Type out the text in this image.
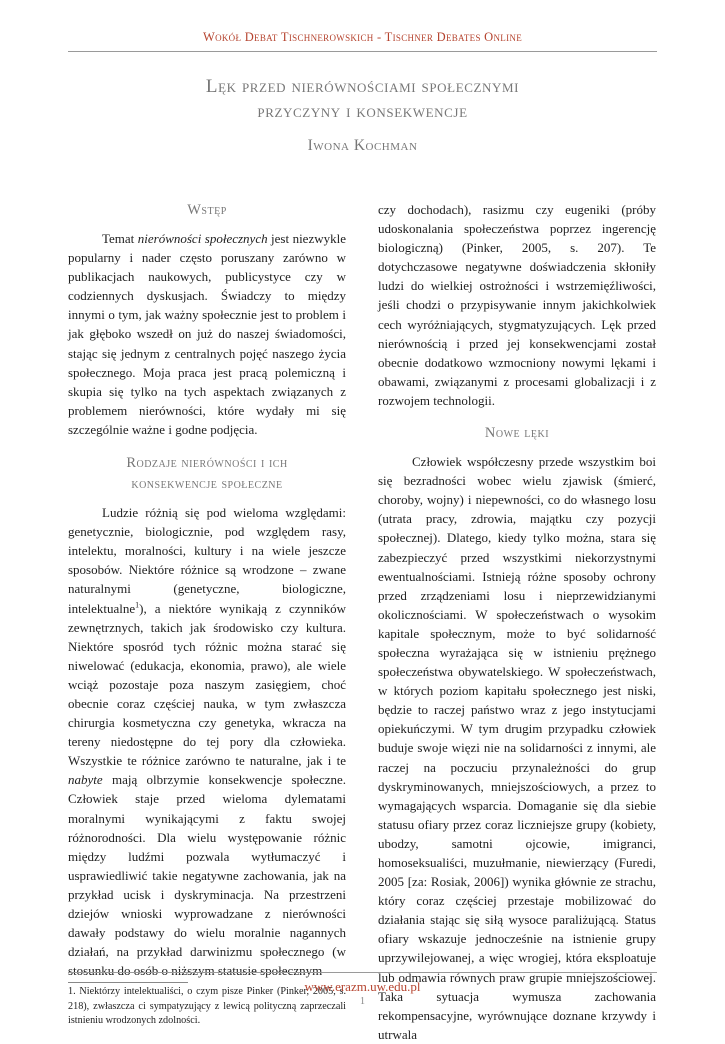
Wokół Debat Tischnerowskich - Tischner Debates Online
Lęk przed nierównościami społecznymi
przyczyny i konsekwencje
Iwona Kochman
Wstęp

Temat nierówności społecznych jest niezwykle popularny i nader często poruszany zarówno w publikacjach naukowych, publicystyce czy w codziennych dyskusjach. Świadczy to między innymi o tym, jak ważny społecznie jest to problem i jak głęboko wszedł on już do naszej świadomości, stając się jednym z centralnych pojęć naszego życia społecznego. Moja praca jest pracą polemiczną i skupia się tylko na tych aspektach związanych z problemem nierówności, które wydały mi się szczególnie ważne i godne podjęcia.

Rodzaje nierówności i ich
konsekwencje społeczne

Ludzie różnią się pod wieloma względami: genetycznie, biologicznie, pod względem rasy, intelektu, moralności, kultury i na wiele jeszcze sposobów. Niektóre różnice są wrodzone – zwane naturalnymi (genetyczne, biologiczne, intelektualne$^1$), a niektóre wynikają z czynników zewnętrznych, takich jak środowisko czy kultura. Niektóre sposród tych różnic można starać się niwelować (edukacja, ekonomia, prawo), ale wiele wciąż pozostaje poza naszym zasięgiem, choć obecnie coraz częściej nauka, w tym zwłaszcza chirurgia kosmetyczna czy genetyka, wkracza na tereny niedostępne do tej pory dla człowieka. Wszystkie te różnice zarówno te naturalne, jak i te nabyte mają olbrzymie konsekwencje społeczne. Człowiek staje przed wieloma dylematami moralnymi wynikającymi z faktu swojej różnorodności. Dla wielu występowanie różnic między ludźmi pozwala wytłumaczyć i usprawiedliwić takie negatywne zachowania, jak na przykład ucisk i dyskryminacja. Na przestrzeni dziejów wnioski wyprowadzane z nierówności dawały podstawy do wielu moralnie nagannych działań, na przykład darwinizmu społecznego (w stosunku do osób o niższym statusie społecznym

1. Niektórzy intelektualiści, o czym pisze Pinker (Pinker, 2005, s. 218), zwłaszcza ci sympatyzujący z lewicą polityczną zaprzeczali istnieniu wrodzonych zdolności.

czy dochodach), rasizmu czy eugeniki (próby udoskonalania społeczeństwa poprzez ingerencję biologiczną) (Pinker, 2005, s. 207). Te dotychczasowe negatywne doświadczenia skłoniły ludzi do wielkiej ostrożności i wstrzemięźliwości, jeśli chodzi o przypisywanie innym jakichkolwiek cech wyróżniających, stygmatyzujących. Lęk przed nierównością i przed jej konsekwencjami został obecnie dodatkowo wzmocniony nowymi lękami i obawami, związanymi z procesami globalizacji i z rozwojem technologii.

Nowe lęki

Człowiek współczesny przede wszystkim boi się bezradności wobec wielu zjawisk (śmierć, choroby, wojny) i niepewności, co do własnego losu (utrata pracy, zdrowia, majątku czy pozycji społecznej). Dlatego, kiedy tylko można, stara się zabezpieczyć przed wszystkimi niekorzystnymi ewentualnościami. Istnieją różne sposoby ochrony przed zrządzeniami losu i nieprzewidzianymi okolicznościami. W społeczeństwach o wysokim kapitale społecznym, może to być solidarność społeczna wyrażająca się w istnieniu prężnego społeczeństwa obywatelskiego. W społeczeństwach, w których poziom kapitału społecznego jest niski, będzie to raczej państwo wraz z jego instytucjami opiekuńczymi. W tym drugim przypadku człowiek buduje swoje więzi nie na solidarności z innymi, ale raczej na poczuciu przynależności do grup dyskryminowanych, mniejszościowych, a przez to wymagających wsparcia. Domaganie się dla siebie statusu ofiary przez coraz liczniejsze grupy (kobiety, ubodzy, samotni ojcowie, imigranci, homoseksualiści, muzułmanie, niewierzący (Furedi, 2005 [za: Rosiak, 2006]) wynika głównie ze strachu, który coraz częściej przestaje mobilizować do działania stając się siłą wysoce paraliżującą. Status ofiary wskazuje jednocześnie na istnienie grupy uprzywilejowanej, a więc wrogiej, która eksploatuje lub odmawia równych praw grupie mniejszościowej. Taka sytuacja wymusza zachowania rekompensacyjne, wyrównujące doznane krzywdy i utrwala

www.erazm.uw.edu.pl
1
